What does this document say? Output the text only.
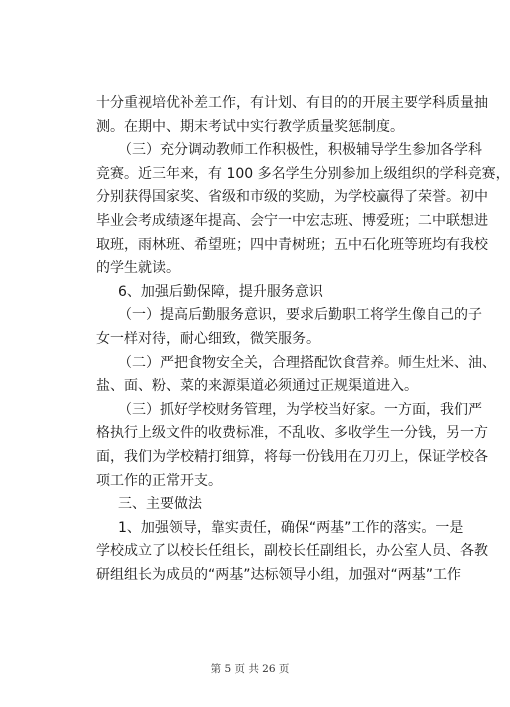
十分重视培优补差工作，有计划、有目的的开展主要学科质量抽
测。在期中、期末考试中实行教学质量奖惩制度。
（三）充分调动教师工作积极性，积极辅导学生参加各学科
竞赛。近三年来，有 100 多名学生分别参加上级组织的学科竞赛，
分别获得国家奖、省级和市级的奖励，为学校赢得了荣誉。初中
毕业会考成绩逐年提高、会宁一中宏志班、博爱班；二中联想进
取班，雨林班、希望班；四中青树班；五中石化班等班均有我校
的学生就读。
6、加强后勤保障，提升服务意识
（一）提高后勤服务意识，要求后勤职工将学生像自己的子
女一样对待，耐心细致，微笑服务。
（二）严把食物安全关，合理搭配饮食营养。师生灶米、油、
盐、面、粉、菜的来源渠道必须通过正规渠道进入。
（三）抓好学校财务管理，为学校当好家。一方面，我们严
格执行上级文件的收费标准，不乱收、多收学生一分钱，另一方
面，我们为学校精打细算，将每一份钱用在刀刃上，保证学校各
项工作的正常开支。
三、主要做法
1、加强领导，靠实责任，确保“两基”工作的落实。一是
学校成立了以校长任组长，副校长任副组长，办公室人员、各教
研组组长为成员的“两基”达标领导小组，加强对“两基”工作
第 5 页 共 26 页
